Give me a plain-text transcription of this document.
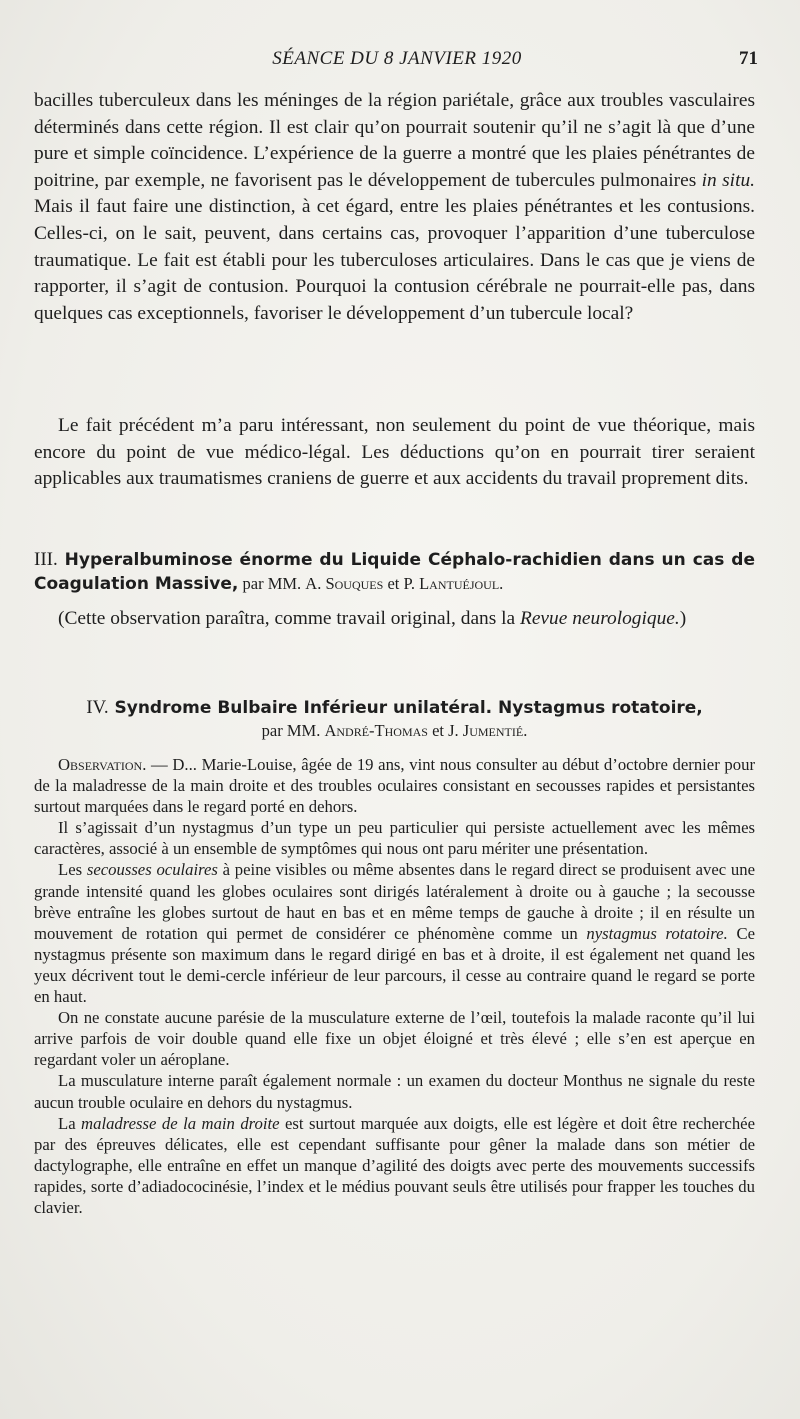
SÉANCE DU 8 JANVIER 1920	71

bacilles tuberculeux dans les méninges de la région pariétale, grâce aux troubles vasculaires déterminés dans cette région. Il est clair qu’on pourrait soutenir qu’il ne s’agit là que d’une pure et simple coïncidence. L’expérience de la guerre a montré que les plaies pénétrantes de poitrine, par exemple, ne favorisent pas le développement de tubercules pulmonaires in situ. Mais il faut faire une distinction, à cet égard, entre les plaies pénétrantes et les contusions. Celles-ci, on le sait, peuvent, dans certains cas, provoquer l’apparition d’une tuberculose traumatique. Le fait est établi pour les tuberculoses articulaires. Dans le cas que je viens de rapporter, il s’agit de contusion. Pourquoi la contusion cérébrale ne pourrait-elle pas, dans quelques cas exceptionnels, favoriser le développement d’un tubercule local?

Le fait précédent m’a paru intéressant, non seulement du point de vue théorique, mais encore du point de vue médico-légal. Les déductions qu’on en pourrait tirer seraient applicables aux traumatismes craniens de guerre et aux accidents du travail proprement dits.

III. Hyperalbuminose énorme du Liquide Céphalo-rachidien dans un cas de Coagulation Massive, par MM. A. Souques et P. Lantuéjoul.

(Cette observation paraîtra, comme travail original, dans la Revue neurologique.)

IV. Syndrome Bulbaire Inférieur unilatéral. Nystagmus rotatoire,

par MM. André-Thomas et J. Jumentié.

Observation. — D... Marie-Louise, âgée de 19 ans, vint nous consulter au début d’octobre dernier pour de la maladresse de la main droite et des troubles oculaires consistant en secousses rapides et persistantes surtout marquées dans le regard porté en dehors.

Il s’agissait d’un nystagmus d’un type un peu particulier qui persiste actuellement avec les mêmes caractères, associé à un ensemble de symptômes qui nous ont paru mériter une présentation.

Les secousses oculaires à peine visibles ou même absentes dans le regard direct se produisent avec une grande intensité quand les globes oculaires sont dirigés latéralement à droite ou à gauche ; la secousse brève entraîne les globes surtout de haut en bas et en même temps de gauche à droite ; il en résulte un mouvement de rotation qui permet de considérer ce phénomène comme un nystagmus rotatoire. Ce nystagmus présente son maximum dans le regard dirigé en bas et à droite, il est également net quand les yeux décrivent tout le demi-cercle inférieur de leur parcours, il cesse au contraire quand le regard se porte en haut.

On ne constate aucune parésie de la musculature externe de l’œil, toutefois la malade raconte qu’il lui arrive parfois de voir double quand elle fixe un objet éloigné et très élevé ; elle s’en est aperçue en regardant voler un aéroplane.

La musculature interne paraît également normale : un examen du docteur Monthus ne signale du reste aucun trouble oculaire en dehors du nystagmus.

La maladresse de la main droite est surtout marquée aux doigts, elle est légère et doit être recherchée par des épreuves délicates, elle est cependant suffisante pour gêner la malade dans son métier de dactylographe, elle entraîne en effet un manque d’agilité des doigts avec perte des mouvements successifs rapides, sorte d’adiadococinésie, l’index et le médius pouvant seuls être utilisés pour frapper les touches du clavier.
